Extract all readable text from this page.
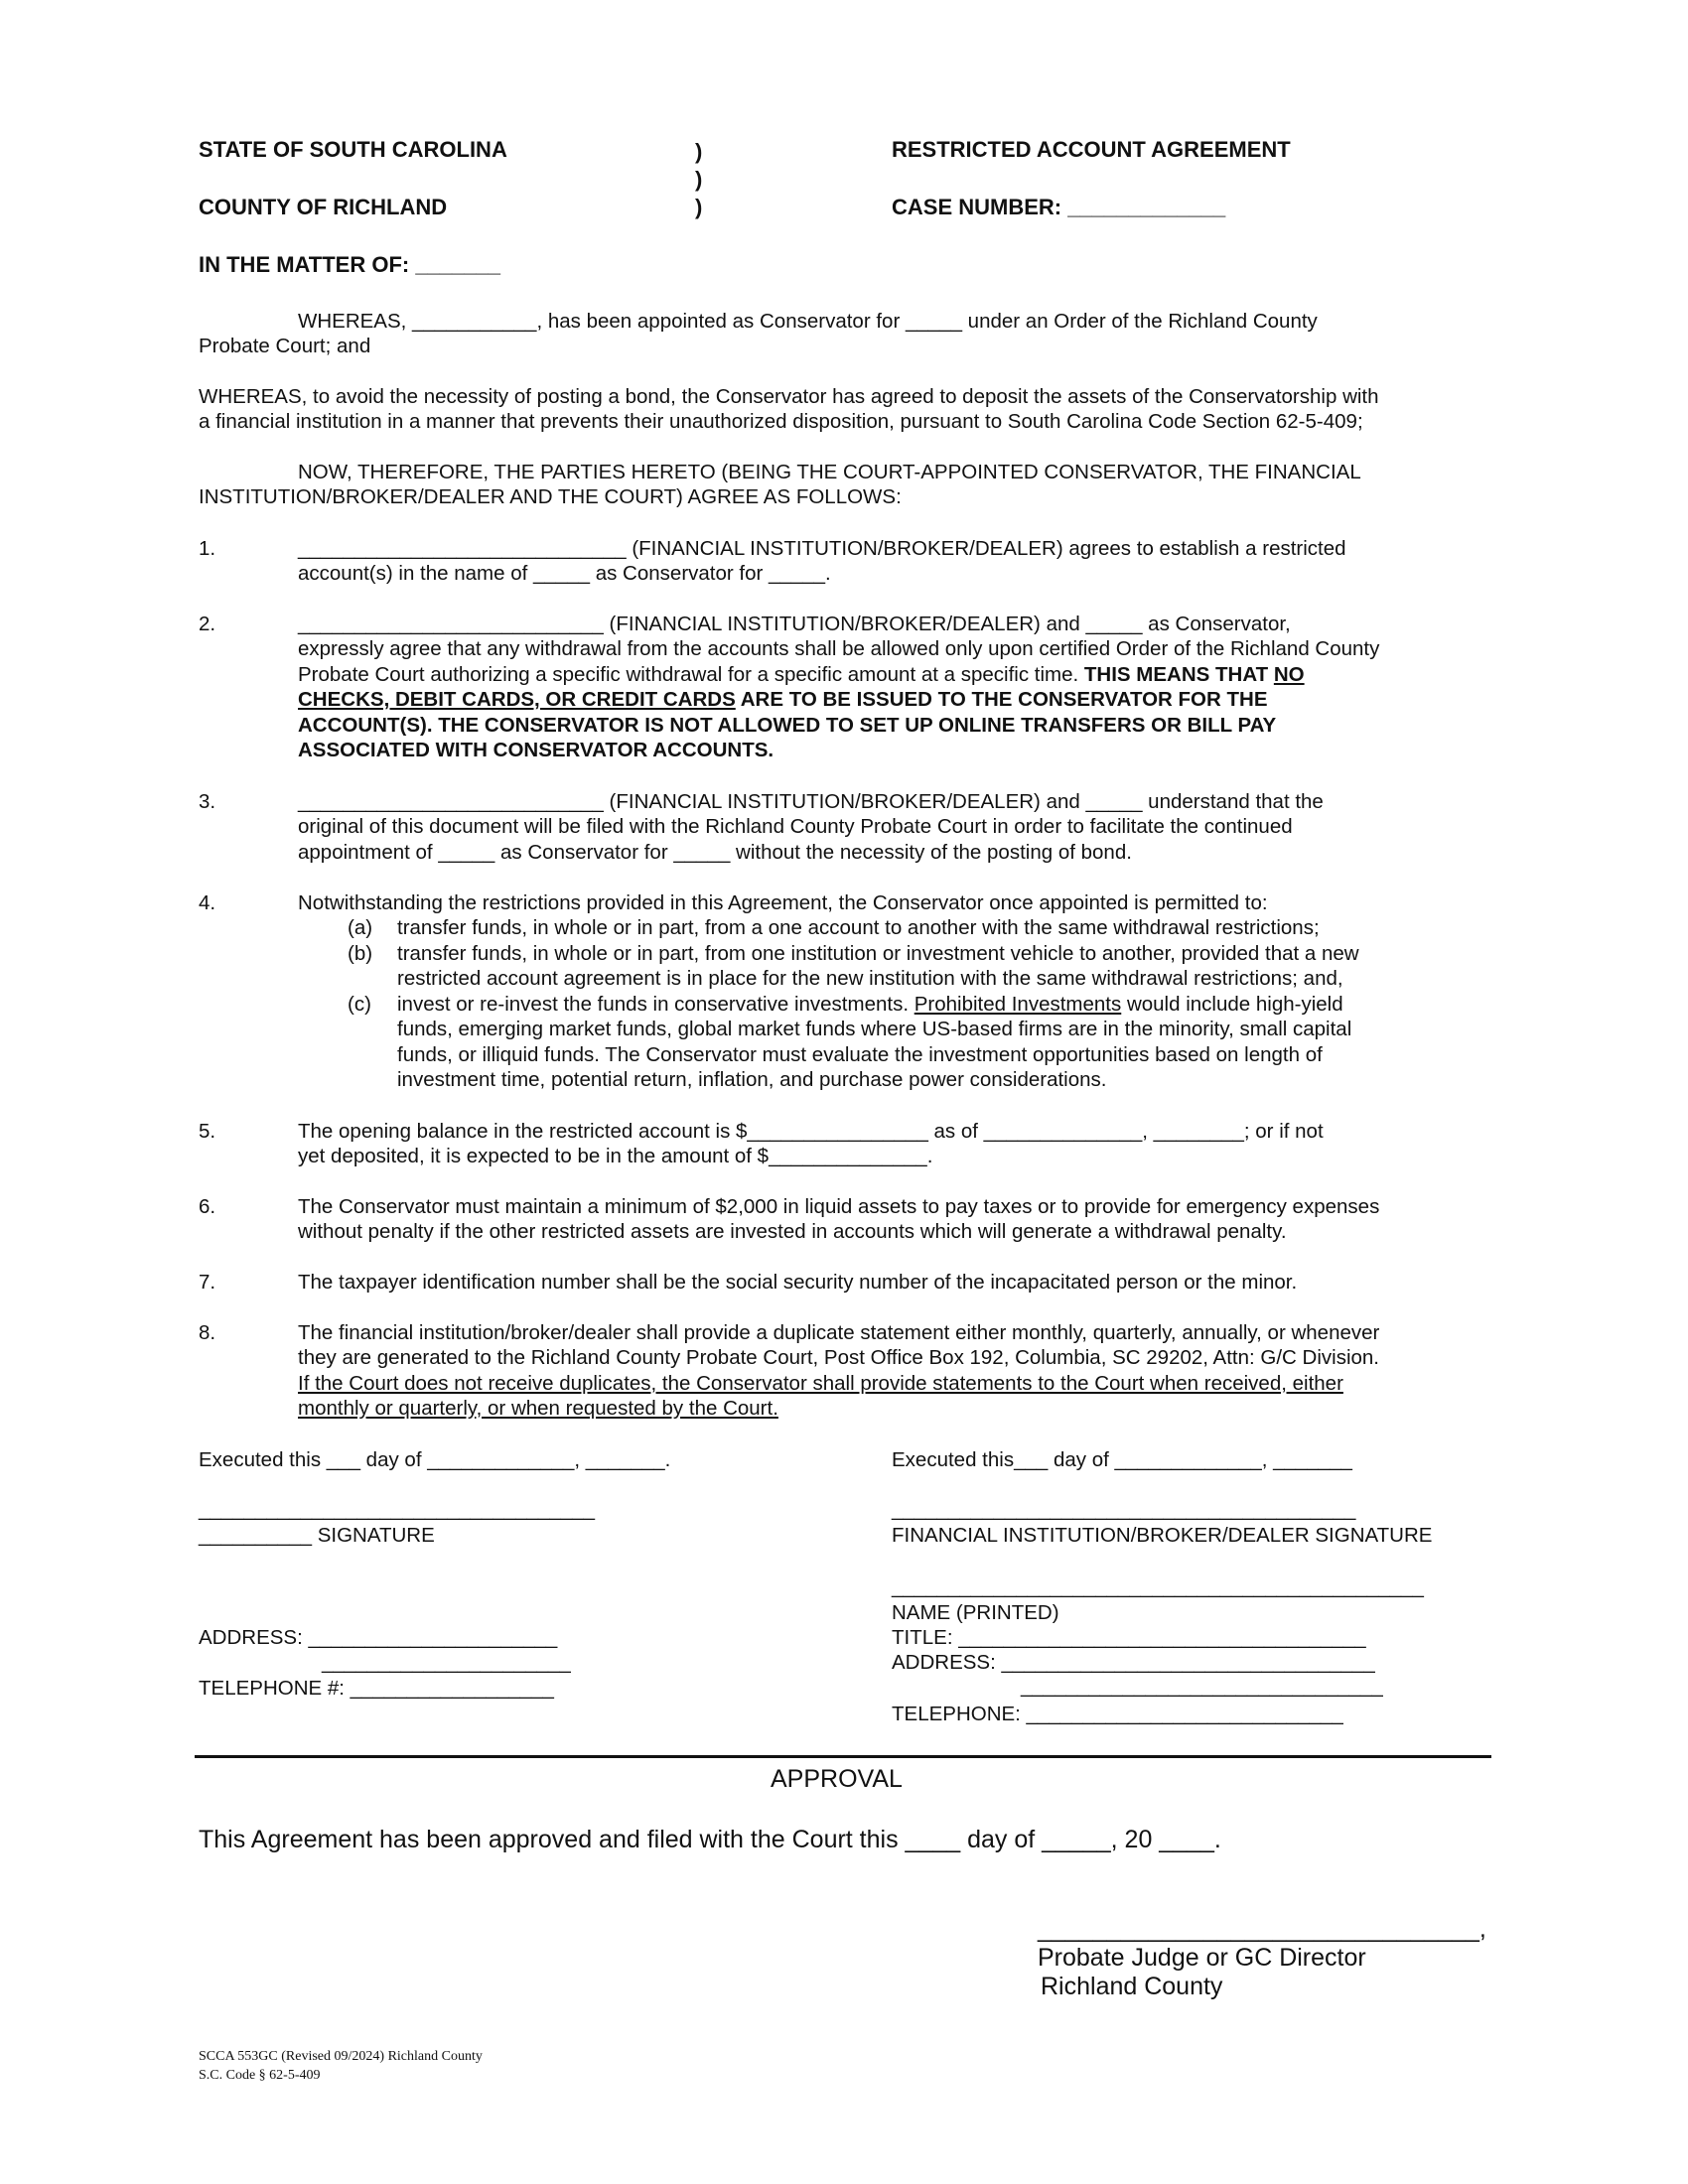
STATE OF SOUTH CAROLINA
COUNTY OF RICHLAND
)
)
)
RESTRICTED ACCOUNT AGREEMENT
CASE NUMBER: _____________
IN THE MATTER OF: _______
WHEREAS, ___________, has been appointed as Conservator for _____ under an Order of the Richland County
Probate Court; and
WHEREAS, to avoid the necessity of posting a bond, the Conservator has agreed to deposit the assets of the Conservatorship with
a financial institution in a manner that prevents their unauthorized disposition, pursuant to South Carolina Code Section 62-5-409;
NOW, THEREFORE, THE PARTIES HERETO (BEING THE COURT-APPOINTED CONSERVATOR, THE FINANCIAL
INSTITUTION/BROKER/DEALER AND THE COURT) AGREE AS FOLLOWS:
1.	_____________________________ (FINANCIAL INSTITUTION/BROKER/DEALER) agrees to establish a restricted
account(s) in the name of _____ as Conservator for _____.
2.	___________________________ (FINANCIAL INSTITUTION/BROKER/DEALER) and _____ as Conservator,
expressly agree that any withdrawal from the accounts shall be allowed only upon certified Order of the Richland County
Probate Court authorizing a specific withdrawal for a specific amount at a specific time. THIS MEANS THAT NO
CHECKS, DEBIT CARDS, OR CREDIT CARDS ARE TO BE ISSUED TO THE CONSERVATOR FOR THE
ACCOUNT(S). THE CONSERVATOR IS NOT ALLOWED TO SET UP ONLINE TRANSFERS OR BILL PAY
ASSOCIATED WITH CONSERVATOR ACCOUNTS.
3.	___________________________ (FINANCIAL INSTITUTION/BROKER/DEALER) and _____ understand that the
original of this document will be filed with the Richland County Probate Court in order to facilitate the continued
appointment of _____ as Conservator for _____ without the necessity of the posting of bond.
4.	Notwithstanding the restrictions provided in this Agreement, the Conservator once appointed is permitted to:
(a) transfer funds, in whole or in part, from a one account to another with the same withdrawal restrictions;
(b) transfer funds, in whole or in part, from one institution or investment vehicle to another, provided that a new
restricted account agreement is in place for the new institution with the same withdrawal restrictions; and,
(c) invest or re-invest the funds in conservative investments. Prohibited Investments would include high-yield
funds, emerging market funds, global market funds where US-based firms are in the minority, small capital
funds, or illiquid funds. The Conservator must evaluate the investment opportunities based on length of
investment time, potential return, inflation, and purchase power considerations.
5.	The opening balance in the restricted account is $________________ as of ______________, ________; or if not
yet deposited, it is expected to be in the amount of $______________.
6.	The Conservator must maintain a minimum of $2,000 in liquid assets to pay taxes or to provide for emergency expenses
without penalty if the other restricted assets are invested in accounts which will generate a withdrawal penalty.
7.	The taxpayer identification number shall be the social security number of the incapacitated person or the minor.
8.	The financial institution/broker/dealer shall provide a duplicate statement either monthly, quarterly, annually, or whenever
they are generated to the Richland County Probate Court, Post Office Box 192, Columbia, SC 29202, Attn: G/C Division.
If the Court does not receive duplicates, the Conservator shall provide statements to the Court when received, either
monthly or quarterly, or when requested by the Court.
Executed this ___ day of _____________, _______.	Executed this___ day of _____________, _______
___________________________________
__________ SIGNATURE
_________________________________________
FINANCIAL INSTITUTION/BROKER/DEALER SIGNATURE
_______________________________________________
NAME (PRINTED)
TITLE: ____________________________________
ADDRESS: _________________________________
________________________________
TELEPHONE: ____________________________
ADDRESS: ______________________
______________________
TELEPHONE #: __________________
APPROVAL
This Agreement has been approved and filed with the Court this ____ day of _____, 20 ____.
________________________________,
Probate Judge or GC Director
Richland County
SCCA 553GC (Revised 09/2024) Richland County
S.C. Code § 62-5-409
